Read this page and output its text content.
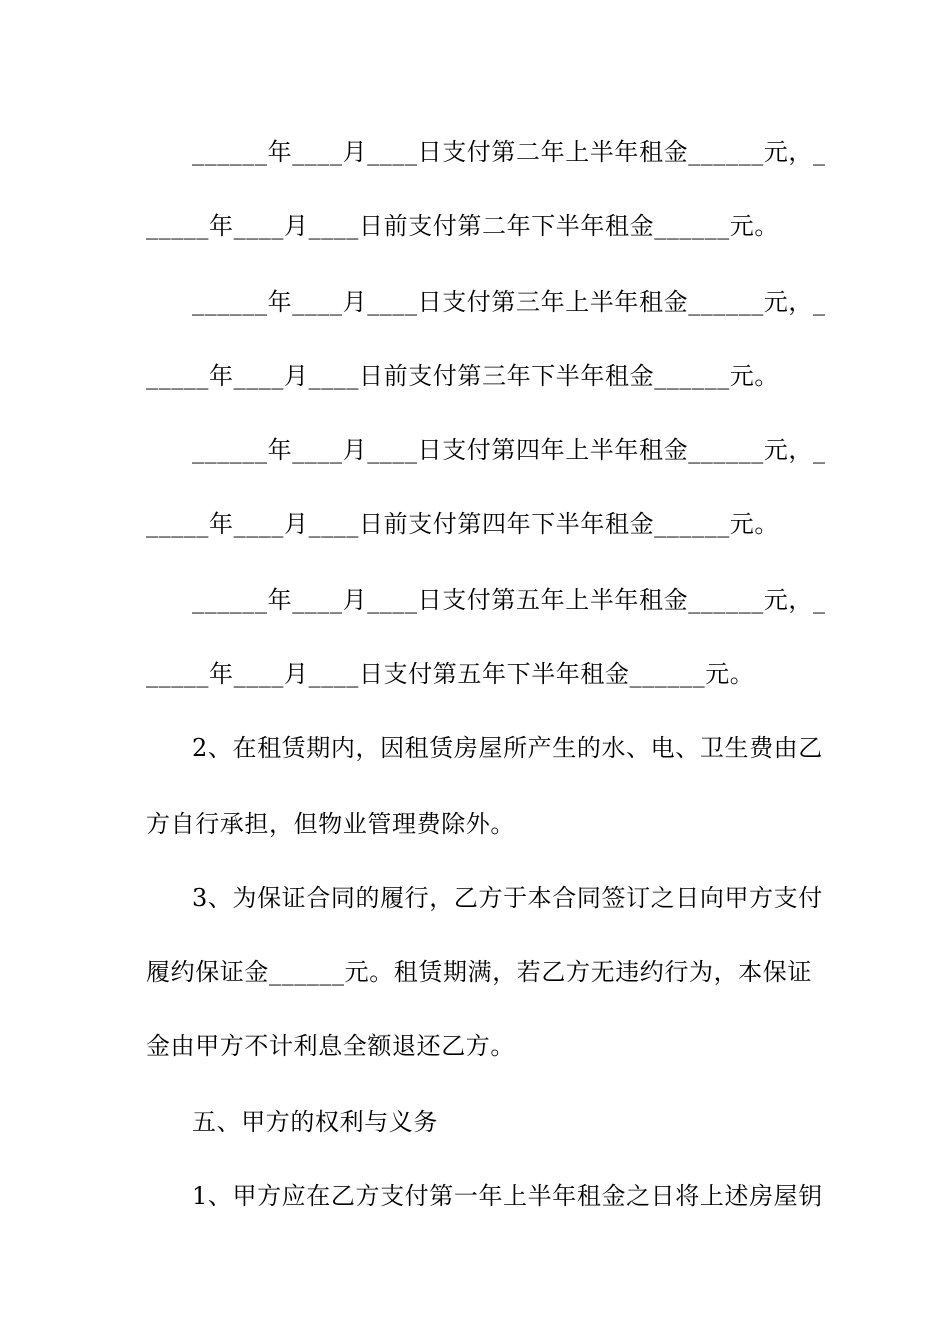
______年____月____日支付第二年上半年租金______元，_
_____年____月____日前支付第二年下半年租金______元。
______年____月____日支付第三年上半年租金______元，_
_____年____月____日前支付第三年下半年租金______元。
______年____月____日支付第四年上半年租金______元，_
_____年____月____日前支付第四年下半年租金______元。
______年____月____日支付第五年上半年租金______元，_
_____年____月____日支付第五年下半年租金______元。
2、在租赁期内，因租赁房屋所产生的水、电、卫生费由乙
方自行承担，但物业管理费除外。
3、为保证合同的履行，乙方于本合同签订之日向甲方支付
履约保证金______元。租赁期满，若乙方无违约行为，本保证
金由甲方不计利息全额退还乙方。
五、甲方的权利与义务
1、甲方应在乙方支付第一年上半年租金之日将上述房屋钥
